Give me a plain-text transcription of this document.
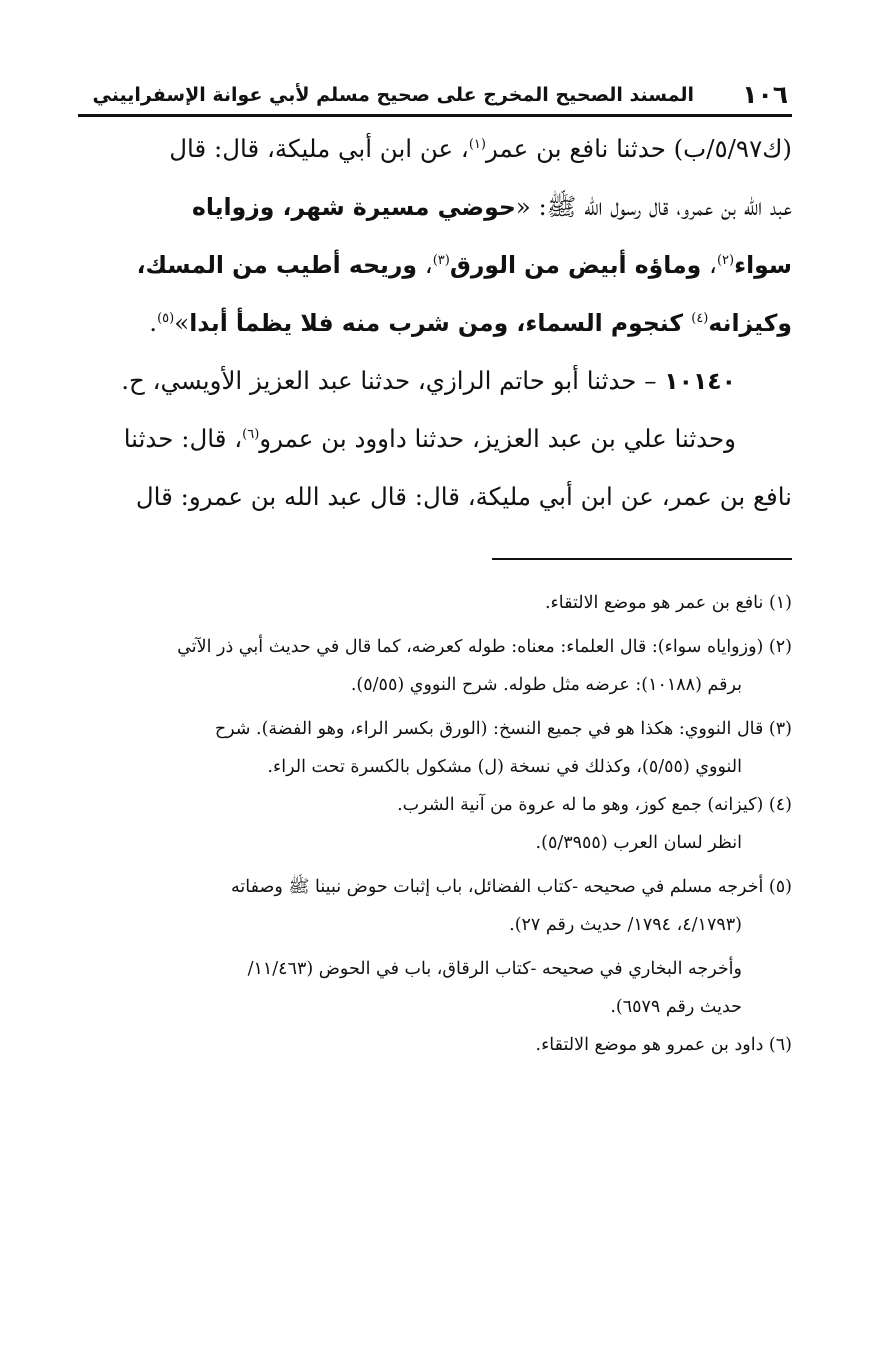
١٠٦
المسند الصحيح المخرج على صحيح مسلم لأبي عوانة الإسفراييني

(ك٥/٩٧/ب) حدثنا نافع بن عمر$^{(١)}$، عن ابن أبي مليكة، قال: قال

عبد الله بن عمرو، قال رسول الله ﷺ: «حوضي مسيرة شهر، وزواياه

سواء$^{(٢)}$، وماؤه أبيض من الورق$^{(٣)}$، وريحه أطيب من المسك،

وكيزانه$^{(٤)}$ كنجوم السماء، ومن شرب منه فلا يظمأ أبدا»$^{(٥)}$.

١٠١٤٠ – حدثنا أبو حاتم الرازي، حدثنا عبد العزيز الأويسي، ح.

وحدثنا علي بن عبد العزيز، حدثنا داوود بن عمرو$^{(٦)}$، قال: حدثنا

نافع بن عمر، عن ابن أبي مليكة، قال: قال عبد الله بن عمرو: قال

(١) نافع بن عمر هو موضع الالتقاء.

(٢) (وزواياه سواء): قال العلماء: معناه: طوله كعرضه، كما قال في حديث أبي ذر الآتي

برقم (١٠١٨٨): عرضه مثل طوله. شرح النووي (٥/٥٥).

(٣) قال النووي: هكذا هو في جميع النسخ: (الورق بكسر الراء، وهو الفضة). شرح

النووي (٥/٥٥)، وكذلك في نسخة (ل) مشكول بالكسرة تحت الراء.

(٤) (كيزانه) جمع كوز، وهو ما له عروة من آنية الشرب.

انظر لسان العرب (٥/٣٩٥٥).

(٥) أخرجه مسلم في صحيحه -كتاب الفضائل، باب إثبات حوض نبينا ﷺ وصفاته

(٤/١٧٩٣، ١٧٩٤/ حديث رقم ٢٧).

وأخرجه البخاري في صحيحه -كتاب الرقاق، باب في الحوض (١١/٤٦٣/

حديث رقم ٦٥٧٩).

(٦) داود بن عمرو هو موضع الالتقاء.
